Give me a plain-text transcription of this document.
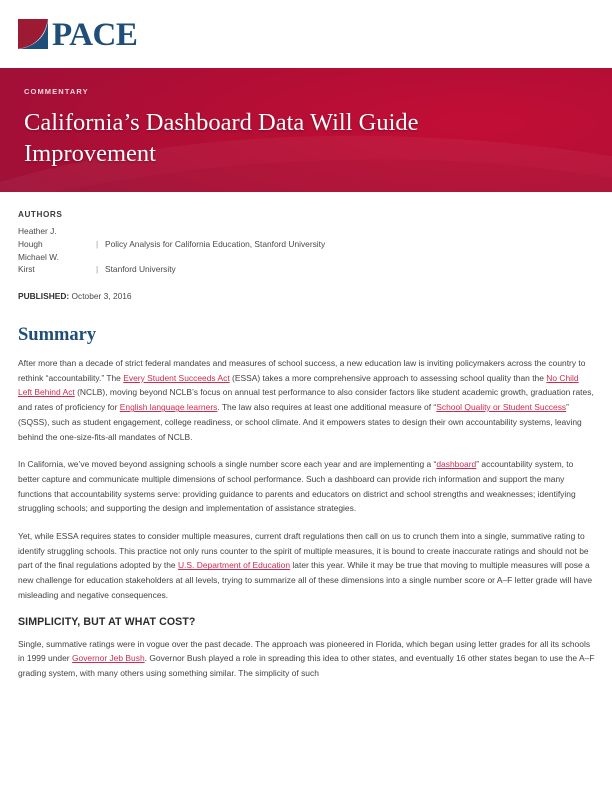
PACE

COMMENTARY

California’s Dashboard Data Will Guide Improvement
AUTHORS
Heather J.
Hough	| Policy Analysis for California Education, Stanford University
Michael W.
Kirst	| Stanford University

PUBLISHED: October 3, 2016

Summary

After more than a decade of strict federal mandates and measures of school success, a new education law is inviting policymakers across the country to rethink “accountability.” The Every Student Succeeds Act (ESSA) takes a more comprehensive approach to assessing school quality than the No Child Left Behind Act (NCLB), moving beyond NCLB’s focus on annual test performance to also consider factors like student academic growth, graduation rates, and rates of proficiency for English language learners. The law also requires at least one additional measure of “School Quality or Student Success” (SQSS), such as student engagement, college readiness, or school climate. And it empowers states to design their own accountability systems, leaving behind the one-size-fits-all mandates of NCLB.

In California, we’ve moved beyond assigning schools a single number score each year and are implementing a “dashboard” accountability system, to better capture and communicate multiple dimensions of school performance. Such a dashboard can provide rich information and support the many functions that accountability systems serve: providing guidance to parents and educators on district and school strengths and weaknesses; identifying struggling schools; and supporting the design and implementation of assistance strategies.

Yet, while ESSA requires states to consider multiple measures, current draft regulations then call on us to crunch them into a single, summative rating to identify struggling schools. This practice not only runs counter to the spirit of multiple measures, it is bound to create inaccurate ratings and should not be part of the final regulations adopted by the U.S. Department of Education later this year. While it may be true that moving to multiple measures will pose a new challenge for education stakeholders at all levels, trying to summarize all of these dimensions into a single number score or A–F letter grade will have misleading and negative consequences.

SIMPLICITY, BUT AT WHAT COST?

Single, summative ratings were in vogue over the past decade. The approach was pioneered in Florida, which began using letter grades for all its schools in 1999 under Governor Jeb Bush. Governor Bush played a role in spreading this idea to other states, and eventually 16 other states began to use the A–F grading system, with many others using something similar. The simplicity of such
